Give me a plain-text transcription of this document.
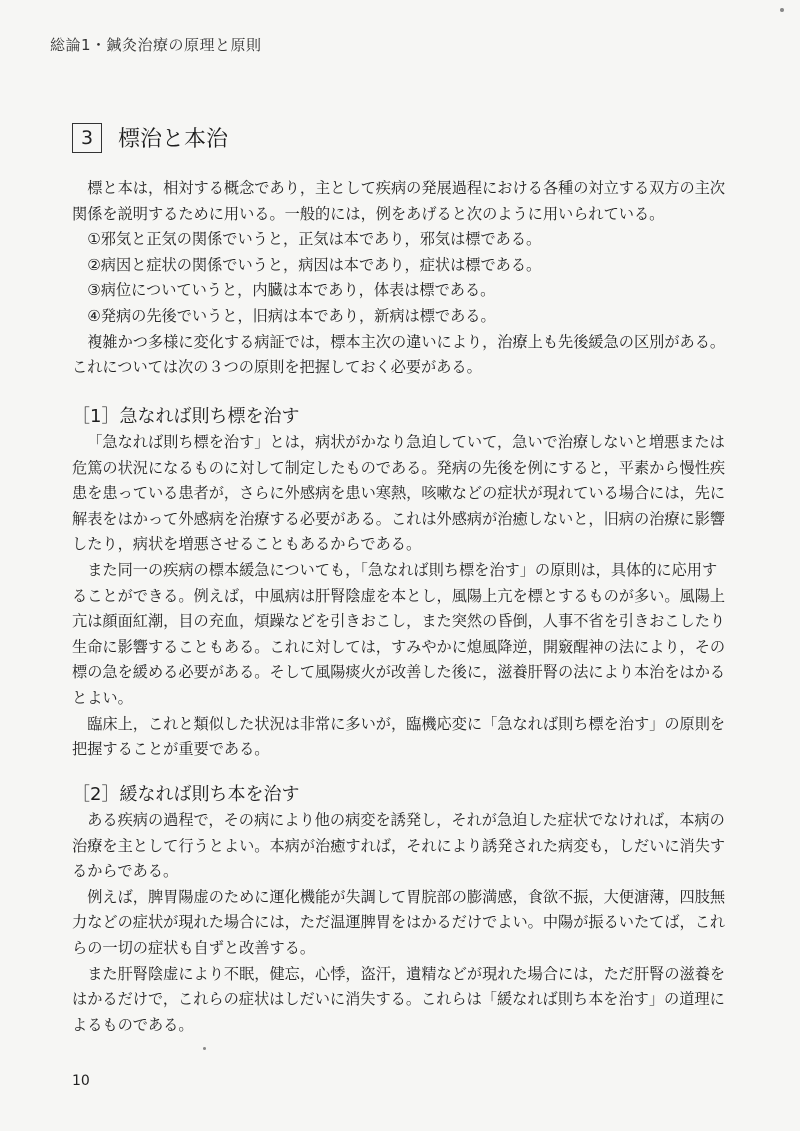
総論1・鍼灸治療の原理と原則
3	標治と本治

標と本は，相対する概念であり，主として疾病の発展過程における各種の対立する双方の主次関係を説明するために用いる。一般的には，例をあげると次のように用いられている。

①邪気と正気の関係でいうと，正気は本であり，邪気は標である。

②病因と症状の関係でいうと，病因は本であり，症状は標である。

③病位についていうと，内臓は本であり，体表は標である。

④発病の先後でいうと，旧病は本であり，新病は標である。

複雑かつ多様に変化する病証では，標本主次の違いにより，治療上も先後緩急の区別がある。これについては次の３つの原則を把握しておく必要がある。

［1］急なれば則ち標を治す

「急なれば則ち標を治す」とは，病状がかなり急迫していて，急いで治療しないと増悪または危篤の状況になるものに対して制定したものである。発病の先後を例にすると，平素から慢性疾患を患っている患者が，さらに外感病を患い寒熱，咳嗽などの症状が現れている場合には，先に解表をはかって外感病を治療する必要がある。これは外感病が治癒しないと，旧病の治療に影響したり，病状を増悪させることもあるからである。

また同一の疾病の標本緩急についても，「急なれば則ち標を治す」の原則は，具体的に応用することができる。例えば，中風病は肝腎陰虚を本とし，風陽上亢を標とするものが多い。風陽上亢は顔面紅潮，目の充血，煩躁などを引きおこし，また突然の昏倒，人事不省を引きおこしたり生命に影響することもある。これに対しては，すみやかに熄風降逆，開竅醒神の法により，その標の急を緩める必要がある。そして風陽痰火が改善した後に，滋養肝腎の法により本治をはかるとよい。

臨床上，これと類似した状況は非常に多いが，臨機応変に「急なれば則ち標を治す」の原則を把握することが重要である。

［2］緩なれば則ち本を治す

ある疾病の過程で，その病により他の病変を誘発し，それが急迫した症状でなければ，本病の治療を主として行うとよい。本病が治癒すれば，それにより誘発された病変も，しだいに消失するからである。

例えば，脾胃陽虚のために運化機能が失調して胃脘部の膨満感，食欲不振，大便溏薄，四肢無力などの症状が現れた場合には，ただ温運脾胃をはかるだけでよい。中陽が振るいたてば，これらの一切の症状も自ずと改善する。

また肝腎陰虚により不眠，健忘，心悸，盗汗，遺精などが現れた場合には，ただ肝腎の滋養をはかるだけで，これらの症状はしだいに消失する。これらは「緩なれば則ち本を治す」の道理によるものである。

10
